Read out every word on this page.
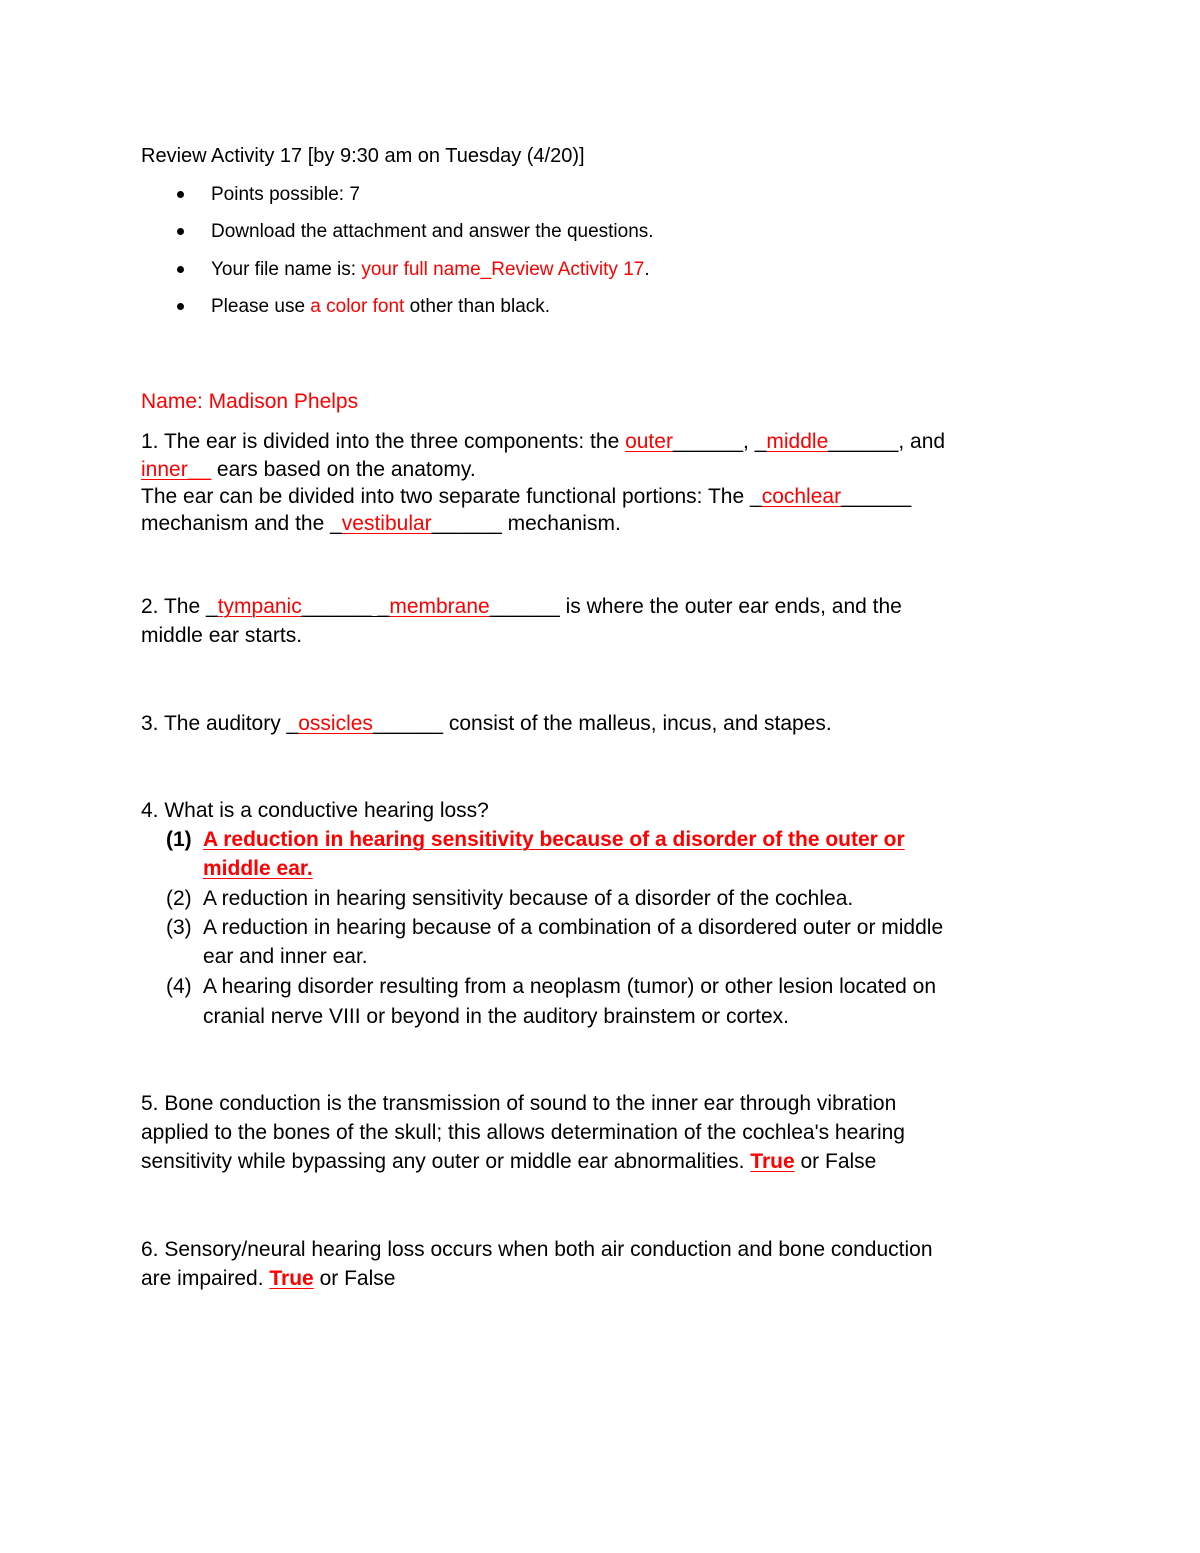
Review Activity 17 [by 9:30 am on Tuesday (4/20)]
Points possible: 7
Download the attachment and answer the questions.
Your file name is: your full name_Review Activity 17.
Please use a color font other than black.
Name: Madison Phelps
1. The ear is divided into the three components: the outer______, _middle______, and
inner__ ears based on the anatomy.
The ear can be divided into two separate functional portions: The _cochlear______
mechanism and the _vestibular______ mechanism.
2. The _tympanic______ _membrane______ is where the outer ear ends, and the
middle ear starts.
3. The auditory _ossicles______ consist of the malleus, incus, and stapes.
4. What is a conductive hearing loss?
(1) A reduction in hearing sensitivity because of a disorder of the outer or
middle ear.
(2) A reduction in hearing sensitivity because of a disorder of the cochlea.
(3) A reduction in hearing because of a combination of a disordered outer or middle
ear and inner ear.
(4) A hearing disorder resulting from a neoplasm (tumor) or other lesion located on
cranial nerve VIII or beyond in the auditory brainstem or cortex.
5. Bone conduction is the transmission of sound to the inner ear through vibration
applied to the bones of the skull; this allows determination of the cochlea's hearing
sensitivity while bypassing any outer or middle ear abnormalities. True or False
6. Sensory/neural hearing loss occurs when both air conduction and bone conduction
are impaired. True or False
